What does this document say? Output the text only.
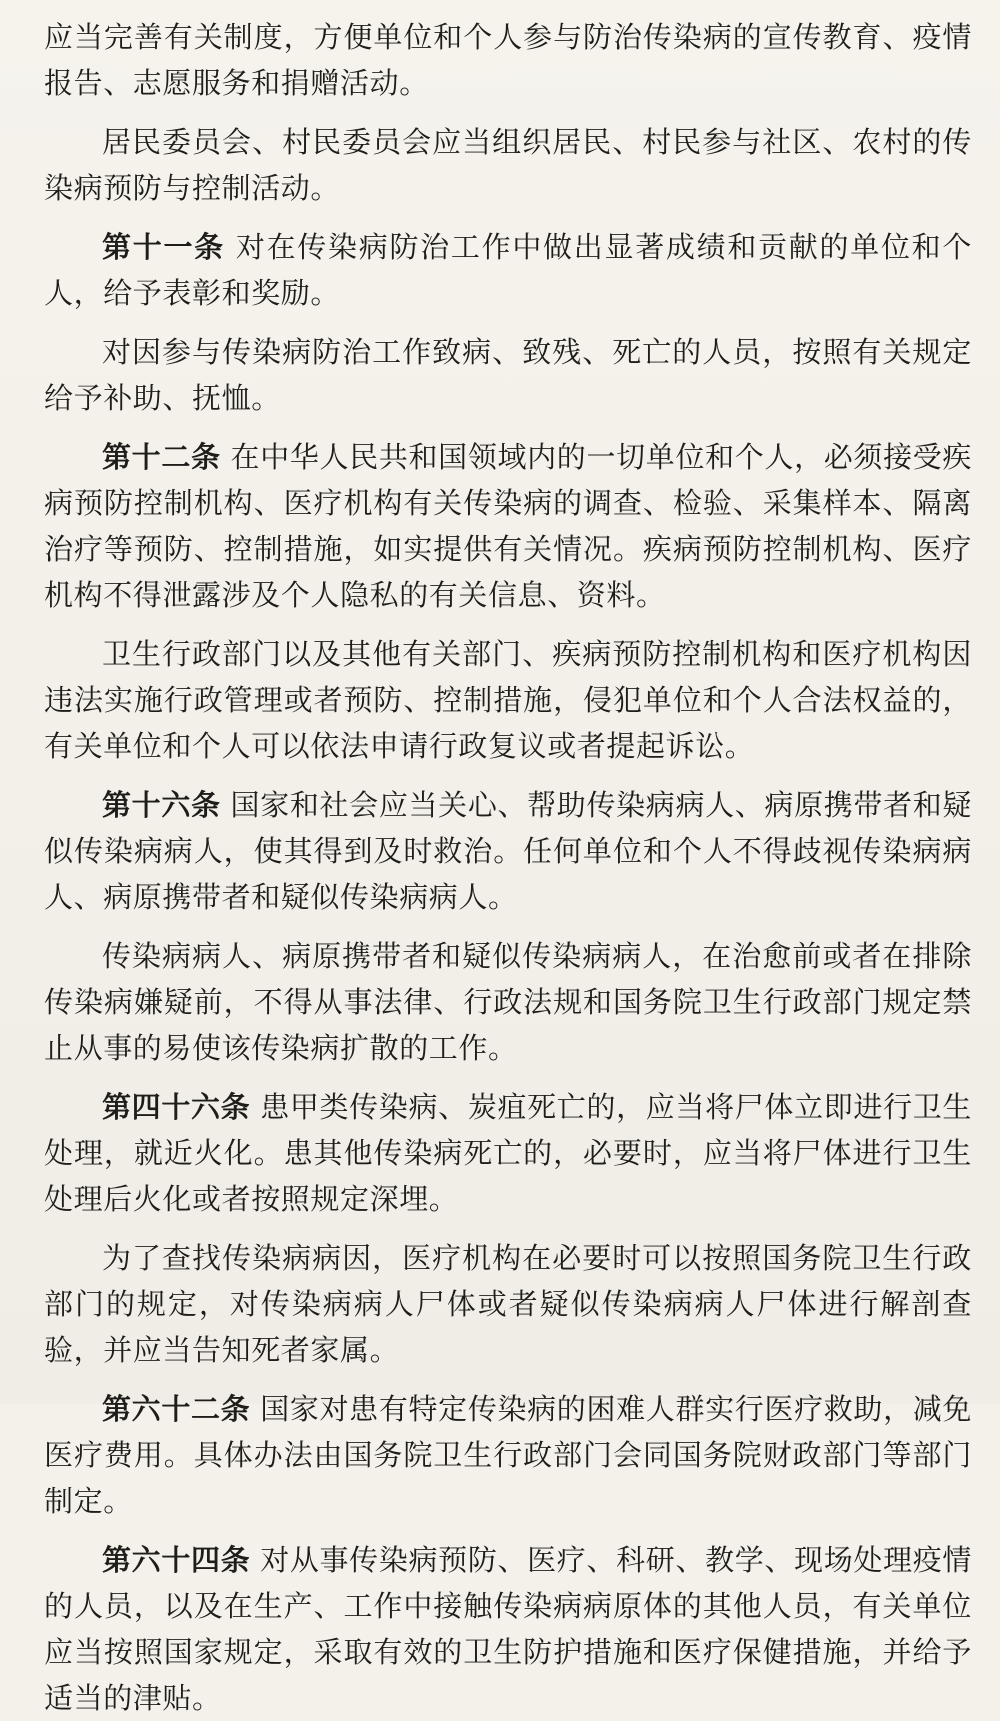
应当完善有关制度，方便单位和个人参与防治传染病的宣传教育、疫情报告、志愿服务和捐赠活动。

居民委员会、村民委员会应当组织居民、村民参与社区、农村的传染病预防与控制活动。

第十一条 对在传染病防治工作中做出显著成绩和贡献的单位和个人，给予表彰和奖励。

对因参与传染病防治工作致病、致残、死亡的人员，按照有关规定给予补助、抚恤。

第十二条 在中华人民共和国领域内的一切单位和个人，必须接受疾病预防控制机构、医疗机构有关传染病的调查、检验、采集样本、隔离治疗等预防、控制措施，如实提供有关情况。疾病预防控制机构、医疗机构不得泄露涉及个人隐私的有关信息、资料。

卫生行政部门以及其他有关部门、疾病预防控制机构和医疗机构因违法实施行政管理或者预防、控制措施，侵犯单位和个人合法权益的，有关单位和个人可以依法申请行政复议或者提起诉讼。

第十六条 国家和社会应当关心、帮助传染病病人、病原携带者和疑似传染病病人，使其得到及时救治。任何单位和个人不得歧视传染病病人、病原携带者和疑似传染病病人。

传染病病人、病原携带者和疑似传染病病人，在治愈前或者在排除传染病嫌疑前，不得从事法律、行政法规和国务院卫生行政部门规定禁止从事的易使该传染病扩散的工作。

第四十六条 患甲类传染病、炭疽死亡的，应当将尸体立即进行卫生处理，就近火化。患其他传染病死亡的，必要时，应当将尸体进行卫生处理后火化或者按照规定深埋。

为了查找传染病病因，医疗机构在必要时可以按照国务院卫生行政部门的规定，对传染病病人尸体或者疑似传染病病人尸体进行解剖查验，并应当告知死者家属。

第六十二条 国家对患有特定传染病的困难人群实行医疗救助，减免医疗费用。具体办法由国务院卫生行政部门会同国务院财政部门等部门制定。

第六十四条 对从事传染病预防、医疗、科研、教学、现场处理疫情的人员，以及在生产、工作中接触传染病病原体的其他人员，有关单位应当按照国家规定，采取有效的卫生防护措施和医疗保健措施，并给予适当的津贴。
